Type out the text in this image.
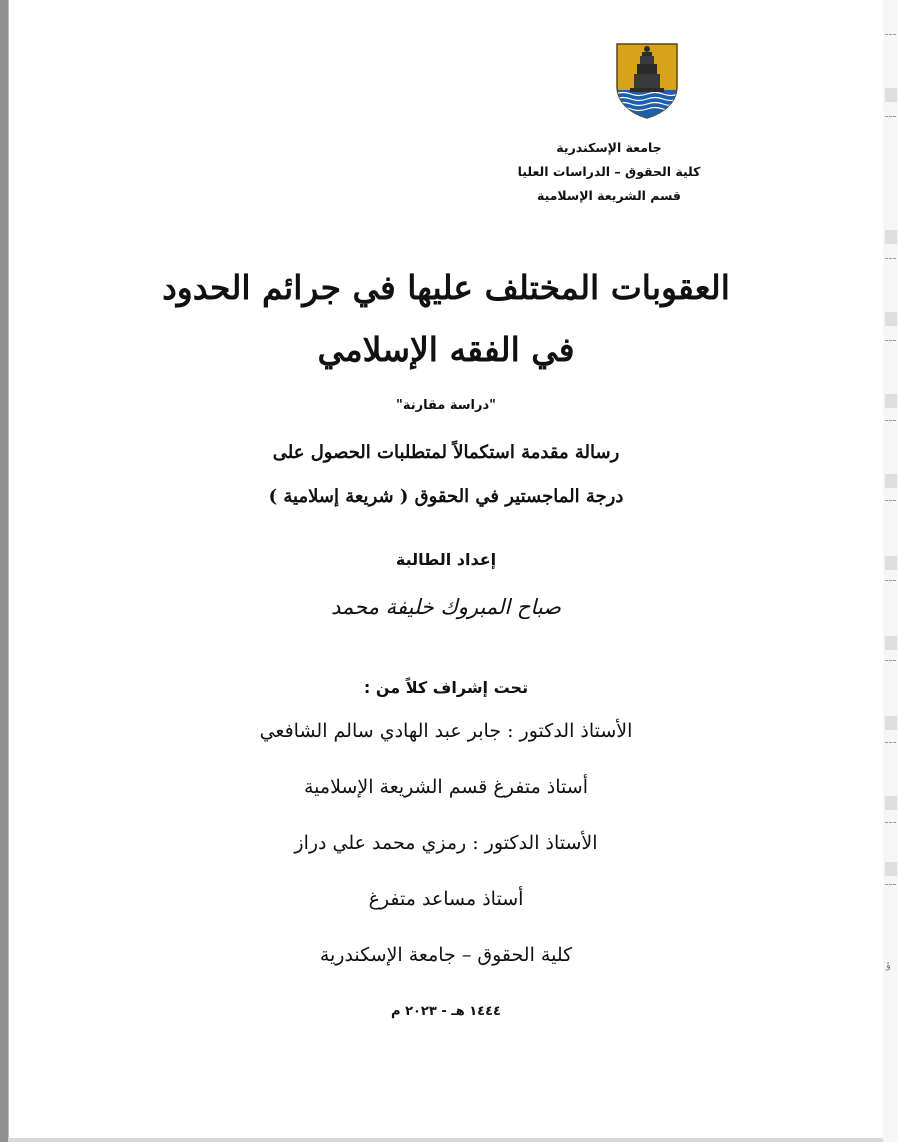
جامعة الإسكندرية
كلية الحقوق – الدراسات العليا
قسم الشريعة الإسلامية
العقوبات المختلف عليها في جرائم الحدود
في الفقه الإسلامي
"دراسة مقارنة"
رسالة مقدمة استكمالاً لمتطلبات الحصول على
درجة الماجستير في الحقوق ( شريعة إسلامية )
إعداد الطالبة
صباح المبروك خليفة محمد
تحت إشراف كلاً من :
الأستاذ الدكتور : جابر عبد الهادي سالم الشافعي
أستاذ متفرغ قسم الشريعة الإسلامية
الأستاذ الدكتور : رمزي محمد علي دراز
أستاذ مساعد متفرغ
كلية الحقوق – جامعة الإسكندرية
١٤٤٤ هـ - ٢٠٢٣ م
ؤ
